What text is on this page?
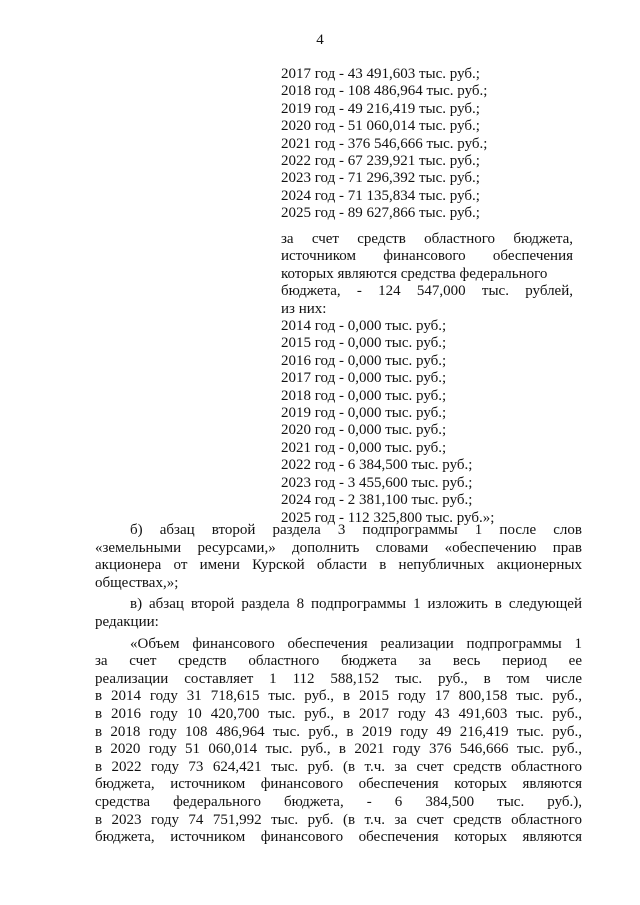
4
2017 год - 43 491,603 тыс. руб.;
2018 год - 108 486,964 тыс. руб.;
2019 год - 49 216,419 тыс. руб.;
2020 год - 51 060,014 тыс. руб.;
2021 год - 376 546,666 тыс. руб.;
2022 год - 67 239,921 тыс. руб.;
2023 год - 71 296,392 тыс. руб.;
2024 год - 71 135,834 тыс. руб.;
2025 год - 89 627,866 тыс. руб.;
за счет средств областного бюджета,
источником финансового обеспечения
которых являются средства федерального
бюджета, - 124 547,000 тыс. рублей,
из них:
2014 год - 0,000 тыс. руб.;
2015 год - 0,000 тыс. руб.;
2016 год - 0,000 тыс. руб.;
2017 год - 0,000 тыс. руб.;
2018 год - 0,000 тыс. руб.;
2019 год - 0,000 тыс. руб.;
2020 год - 0,000 тыс. руб.;
2021 год - 0,000 тыс. руб.;
2022 год - 6 384,500 тыс. руб.;
2023 год - 3 455,600 тыс. руб.;
2024 год - 2 381,100 тыс. руб.;
2025 год - 112 325,800 тыс. руб.»;
б) абзац второй раздела 3 подпрограммы 1 после слов
«земельными ресурсами,» дополнить словами «обеспечению прав
акционера от имени Курской области в непубличных акционерных
обществах,»;
в) абзац второй раздела 8 подпрограммы 1 изложить в следующей
редакции:
«Объем финансового обеспечения реализации подпрограммы 1
за счет средств областного бюджета за весь период ее
реализации составляет 1 112 588,152 тыс. руб., в том числе
в 2014 году 31 718,615 тыс. руб., в 2015 году 17 800,158 тыс. руб.,
в 2016 году 10 420,700 тыс. руб., в 2017 году 43 491,603 тыс. руб.,
в 2018 году 108 486,964 тыс. руб., в 2019 году 49 216,419 тыс. руб.,
в 2020 году 51 060,014 тыс. руб., в 2021 году 376 546,666 тыс. руб.,
в 2022 году 73 624,421 тыс. руб. (в т.ч. за счет средств областного
бюджета, источником финансового обеспечения которых являются
средства федерального бюджета, - 6 384,500 тыс. руб.),
в 2023 году 74 751,992 тыс. руб. (в т.ч. за счет средств областного
бюджета, источником финансового обеспечения которых являются
